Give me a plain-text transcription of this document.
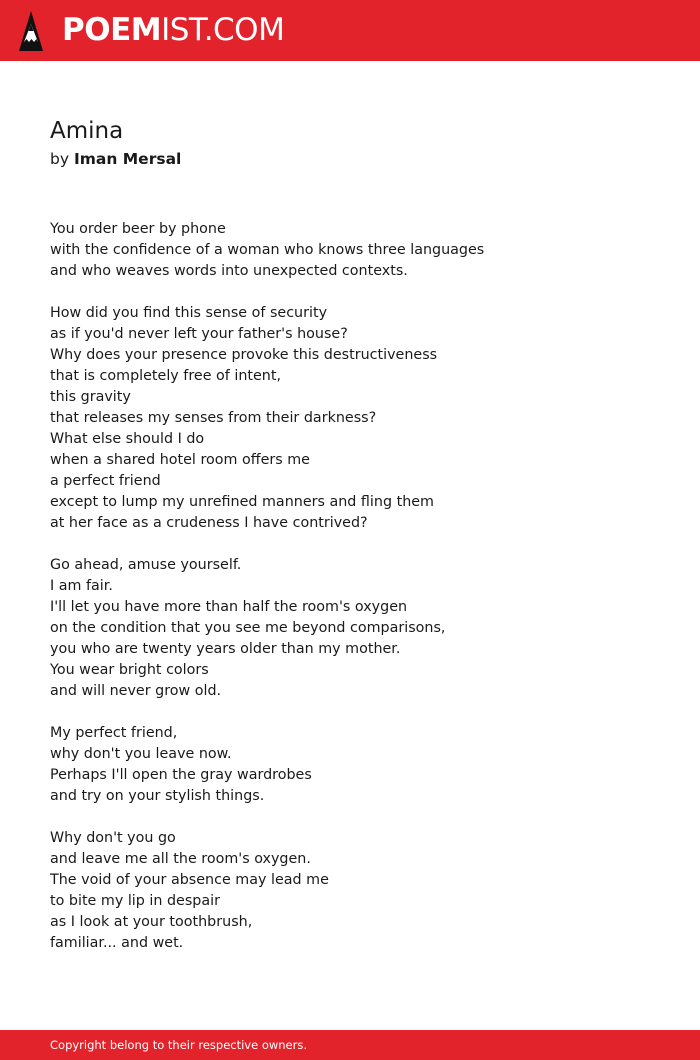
POEMIST.COM
Amina
by Iman Mersal
You order beer by phone
with the confidence of a woman who knows three languages
and who weaves words into unexpected contexts.
How did you find this sense of security
as if you'd never left your father's house?
Why does your presence provoke this destructiveness
that is completely free of intent,
this gravity
that releases my senses from their darkness?
What else should I do
when a shared hotel room offers me
a perfect friend
except to lump my unrefined manners and fling them
at her face as a crudeness I have contrived?
Go ahead, amuse yourself.
I am fair.
I'll let you have more than half the room's oxygen
on the condition that you see me beyond comparisons,
you who are twenty years older than my mother.
You wear bright colors
and will never grow old.
My perfect friend,
why don't you leave now.
Perhaps I'll open the gray wardrobes
and try on your stylish things.
Why don't you go
and leave me all the room's oxygen.
The void of your absence may lead me
to bite my lip in despair
as I look at your toothbrush,
familiar... and wet.
Copyright belong to their respective owners.
